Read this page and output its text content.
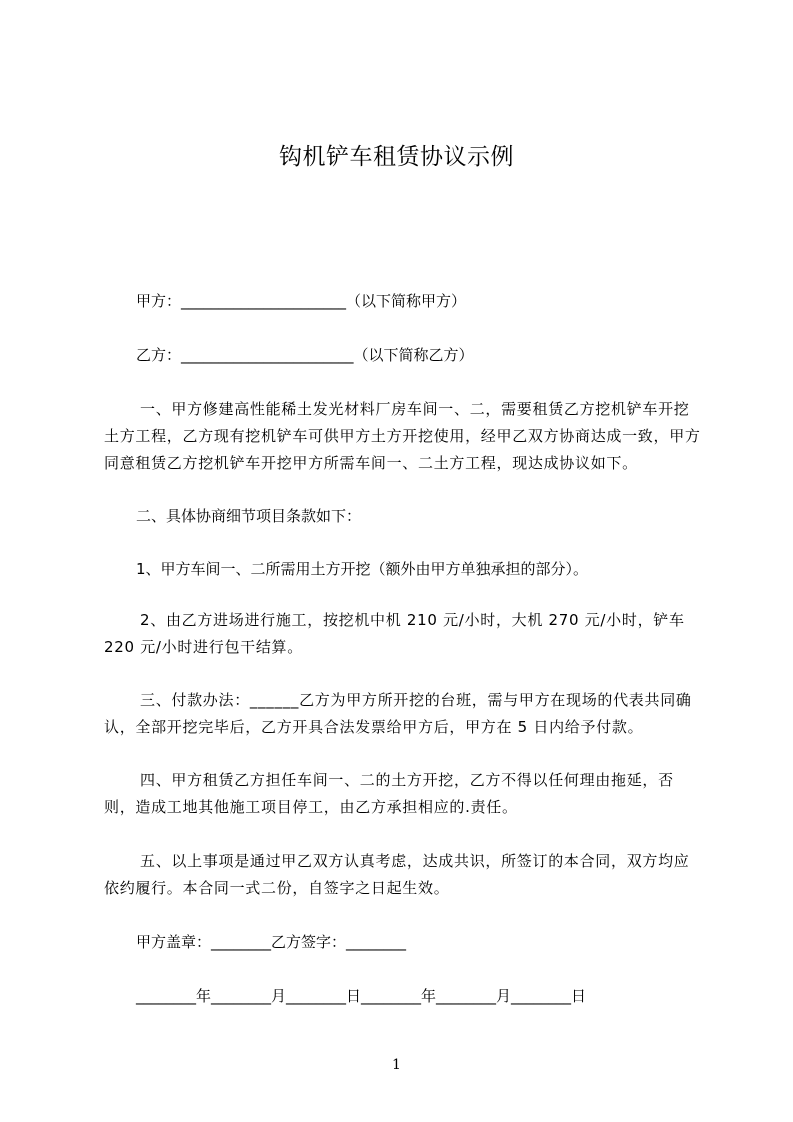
钩机铲车租赁协议示例
甲方：______________________（以下简称甲方）
乙方：_______________________（以下简称乙方）
一、甲方修建高性能稀土发光材料厂房车间一、二，需要租赁乙方挖机铲车开挖土方工程，乙方现有挖机铲车可供甲方土方开挖使用，经甲乙双方协商达成一致，甲方同意租赁乙方挖机铲车开挖甲方所需车间一、二土方工程，现达成协议如下。
二、具体协商细节项目条款如下：
1、甲方车间一、二所需用土方开挖（额外由甲方单独承担的部分）。
2、由乙方进场进行施工，按挖机中机 210 元/小时，大机 270 元/小时，铲车 220 元/小时进行包干结算。
三、付款办法：______乙方为甲方所开挖的台班，需与甲方在现场的代表共同确认，全部开挖完毕后，乙方开具合法发票给甲方后，甲方在 5 日内给予付款。
四、甲方租赁乙方担任车间一、二的土方开挖，乙方不得以任何理由拖延，否则，造成工地其他施工项目停工，由乙方承担相应的.责任。
五、以上事项是通过甲乙双方认真考虑，达成共识，所签订的本合同，双方均应依约履行。本合同一式二份，自签字之日起生效。
甲方盖章：________乙方签字：________
________年________月________日________年________月________日
1
